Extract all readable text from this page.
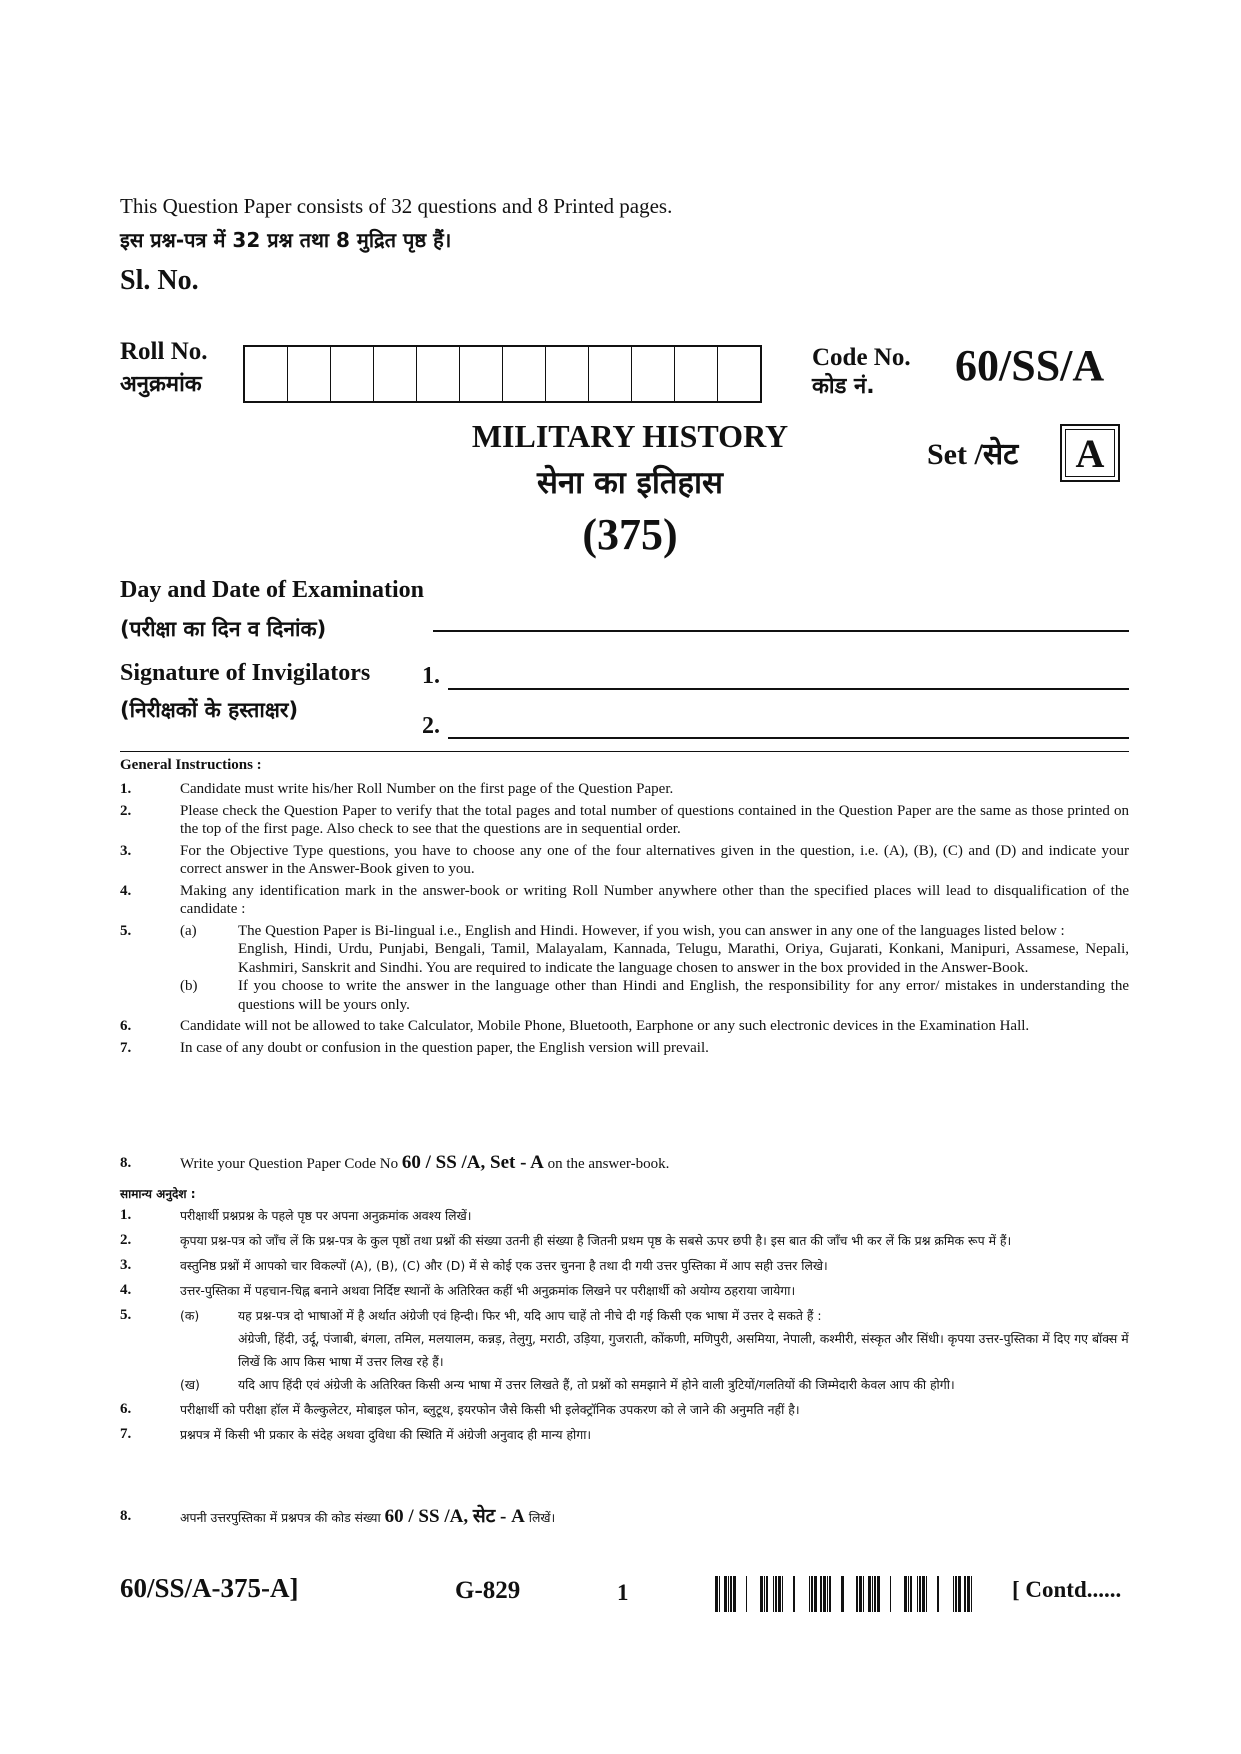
This Question Paper consists of 32 questions and 8 Printed pages.
इस प्रश्न-पत्र में 32 प्रश्न तथा 8 मुद्रित पृष्ठ हैं।
Sl. No.
Roll No.
अनुक्रमांक
Code No.
कोड नं.	60/SS/A
MILITARY HISTORY
सेना का इतिहास
(375)
Set /सेट	A
Day and Date of Examination
(परीक्षा का दिन व दिनांक)
Signature of Invigilators
(निरीक्षकों के हस्ताक्षर)
1.
2.
General Instructions :
1.	Candidate must write his/her Roll Number on the first page of the Question Paper.
2.	Please check the Question Paper to verify that the total pages and total number of questions contained in the Question Paper are the same as those printed on the top of the first page. Also check to see that the questions are in sequential order.
3.	For the Objective Type questions, you have to choose any one of the four alternatives given in the question, i.e. (A), (B), (C) and (D) and indicate your correct answer in the Answer-Book given to you.
4.	Making any identification mark in the answer-book or writing Roll Number anywhere other than the specified places will lead to disqualification of the candidate :
5.	(a)	The Question Paper is Bi-lingual i.e., English and Hindi. However, if you wish, you can answer in any one of the languages listed below :
English, Hindi, Urdu, Punjabi, Bengali, Tamil, Malayalam, Kannada, Telugu, Marathi, Oriya, Gujarati, Konkani, Manipuri, Assamese, Nepali, Kashmiri, Sanskrit and Sindhi. You are required to indicate the language chosen to answer in the box provided in the Answer-Book.
(b)	If you choose to write the answer in the language other than Hindi and English, the responsibility for any error/ mistakes in understanding the questions will be yours only.
6.	Candidate will not be allowed to take Calculator, Mobile Phone, Bluetooth, Earphone or any such electronic devices in the Examination Hall.
7.	In case of any doubt or confusion in the question paper, the English version will prevail.
8.	Write your Question Paper Code No 60 / SS /A, Set - A on the answer-book.
सामान्य अनुदेश :
1.	परीक्षार्थी प्रश्नप्रश्न के पहले पृष्ठ पर अपना अनुक्रमांक अवश्य लिखें।
2.	कृपया प्रश्न-पत्र को जाँच लें कि प्रश्न-पत्र के कुल पृष्ठों तथा प्रश्नों की संख्या उतनी ही संख्या है जितनी प्रथम पृष्ठ के सबसे ऊपर छपी है। इस बात की जाँच भी कर लें कि प्रश्न क्रमिक रूप में हैं।
3.	वस्तुनिष्ठ प्रश्नों में आपको चार विकल्पों (A), (B), (C) और (D) में से कोई एक उत्तर चुनना है तथा दी गयी उत्तर पुस्तिका में आप सही उत्तर लिखे।
4.	उत्तर-पुस्तिका में पहचान-चिह्न बनाने अथवा निर्दिष्ट स्थानों के अतिरिक्त कहीं भी अनुक्रमांक लिखने पर परीक्षार्थी को अयोग्य ठहराया जायेगा।
5.	(क)	यह प्रश्न-पत्र दो भाषाओं में है अर्थात अंग्रेजी एवं हिन्दी। फिर भी, यदि आप चाहें तो नीचे दी गई किसी एक भाषा में उत्तर दे सकते हैं :
अंग्रेजी, हिंदी, उर्दू, पंजाबी, बंगला, तमिल, मलयालम, कन्नड़, तेलुगु, मराठी, उड़िया, गुजराती, कोंकणी, मणिपुरी, असमिया, नेपाली, कश्मीरी, संस्कृत और सिंधी। कृपया उत्तर-पुस्तिका में दिए गए बॉक्स में लिखें कि आप किस भाषा में उत्तर लिख रहे हैं।
(ख)	यदि आप हिंदी एवं अंग्रेजी के अतिरिक्त किसी अन्य भाषा में उत्तर लिखते हैं, तो प्रश्नों को समझाने में होने वाली त्रुटियों/गलतियों की जिम्मेदारी केवल आप की होगी।
6.	परीक्षार्थी को परीक्षा हॉल में कैल्कुलेटर, मोबाइल फोन, ब्लुटूथ, इयरफोन जैसे किसी भी इलेक्ट्रॉनिक उपकरण को ले जाने की अनुमति नहीं है।
7.	प्रश्नपत्र में किसी भी प्रकार के संदेह अथवा दुविधा की स्थिति में अंग्रेजी अनुवाद ही मान्य होगा।
8.	अपनी उत्तरपुस्तिका में प्रश्नपत्र की कोड संख्या 60 / SS /A, सेट - A लिखें।
60/SS/A-375-A]	G-829	1	[ Contd......
